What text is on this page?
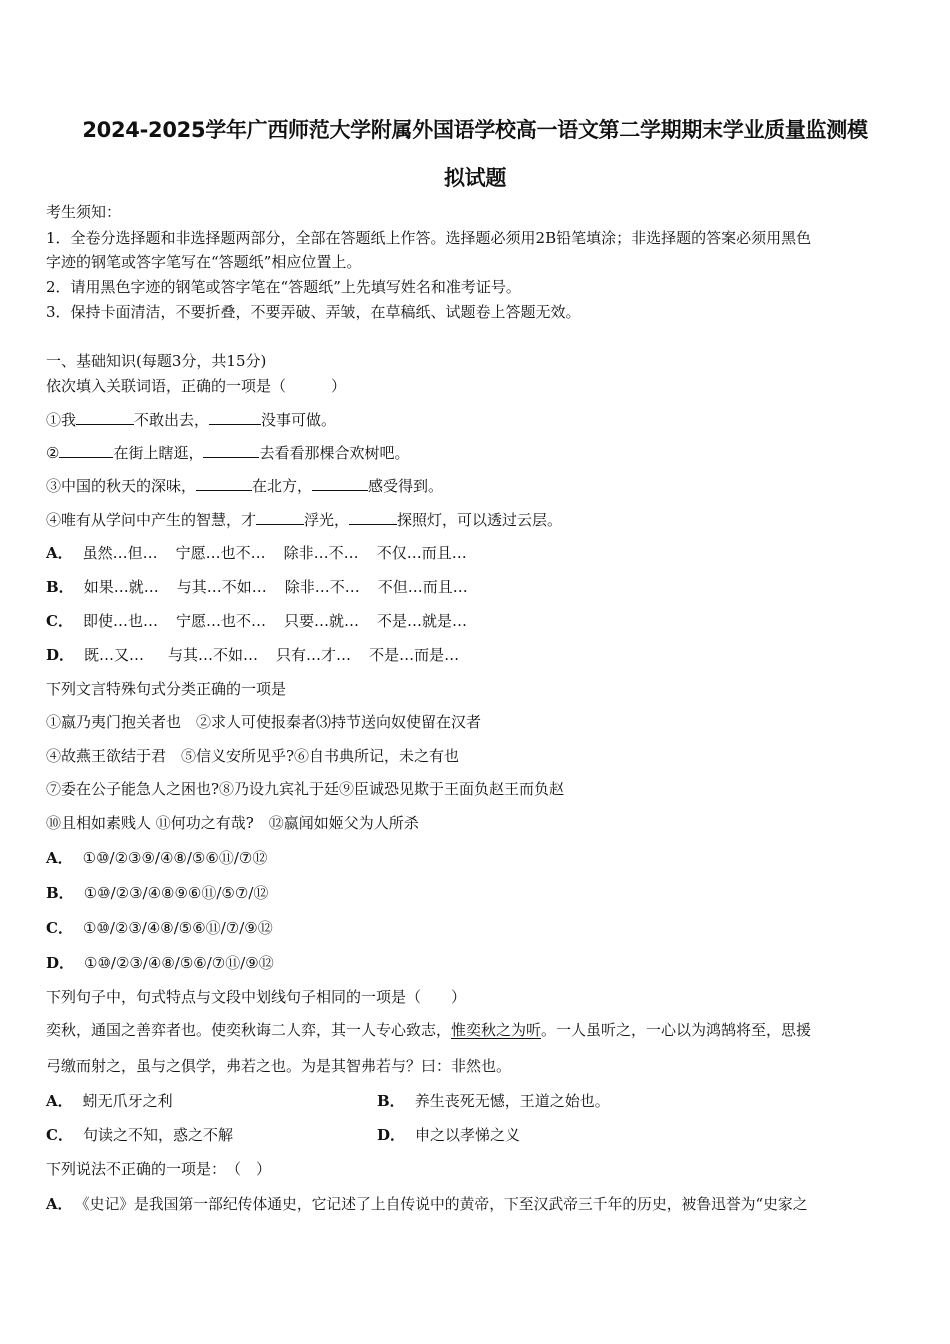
2024-2025学年广西师范大学附属外国语学校高一语文第二学期期末学业质量监测模
拟试题
考生须知：
1．全卷分选择题和非选择题两部分，全部在答题纸上作答。选择题必须用2B铅笔填涂；非选择题的答案必须用黑色
字迹的钢笔或答字笔写在“答题纸”相应位置上。
2．请用黑色字迹的钢笔或答字笔在“答题纸”上先填写姓名和准考证号。
3．保持卡面清洁，不要折叠，不要弄破、弄皱，在草稿纸、试题卷上答题无效。
一、基础知识(每题3分，共15分)
依次填入关联词语，正确的一项是（　　　）
①我	不敢出去，	没事可做。
②	在街上瞎逛，	去看看那棵合欢树吧。
③中国的秋天的深味，	在北方，	感受得到。
④唯有从学问中产生的智慧，才	浮光，	探照灯，可以透过云层。
A． 虽然…但… 宁愿…也不… 除非…不… 不仅…而且…
B． 如果…就… 与其…不如… 除非…不… 不但…而且…
C． 即使…也… 宁愿…也不… 只要…就… 不是…就是…
D． 既…又… 与其…不如… 只有…才… 不是…而是…
下列文言特殊句式分类正确的一项是
①嬴乃夷门抱关者也　②求人可使报秦者⑶持节送向奴使留在汉者
④故燕王欲结于君　⑤信义安所见乎?⑥自书典所记，未之有也
⑦委在公子能急人之困也?⑧乃设九宾礼于廷⑨臣诚恐见欺于王面负赵王而负赵
⑩且相如素贱人 ⑪何功之有哉?　⑫嬴闻如姬父为人所杀
A． ①⑩/②③⑨/④⑧/⑤⑥⑪/⑦⑫
B． ①⑩/②③/④⑧⑨⑥⑪/⑤⑦/⑫
C． ①⑩/②③/④⑧/⑤⑥⑪/⑦/⑨⑫
D． ①⑩/②③/④⑧/⑤⑥/⑦⑪/⑨⑫
下列句子中，句式特点与文段中划线句子相同的一项是（　　）
奕秋，通国之善弈者也。使奕秋诲二人弈，其一人专心致志，惟奕秋之为听。一人虽听之，一心以为鸿鹄将至，思援
弓缴而射之，虽与之俱学，弗若之也。为是其智弗若与？曰：非然也。
A． 蚓无爪牙之利	B． 养生丧死无憾，王道之始也。
C． 句读之不知，惑之不解	D． 申之以孝悌之义
下列说法不正确的一项是：　（　）
A． 《史记》是我国第一部纪传体通史，它记述了上自传说中的黄帝，下至汉武帝三千年的历史，被鲁迅誉为“史家之
